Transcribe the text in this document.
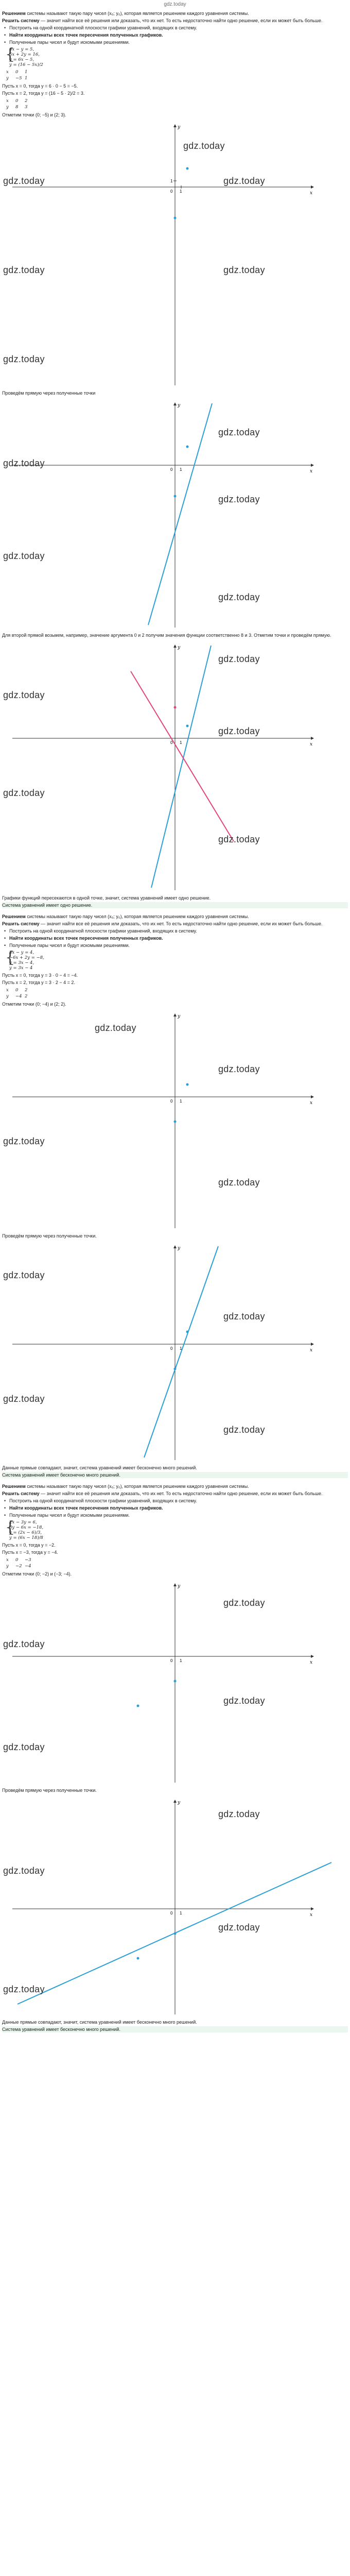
gdz.today

Решением системы называют такую пару чисел (x₀; y₀), которая является решением каждого уравнения системы.

Решить систему — значит найти все её решения или доказать, что их нет. То есть недостаточно найти одно решение, если их может быть больше.

• Построить на одной координатной плоскости графики уравнений, входящих в систему.
• Найти координаты всех точек пересечения полученных графиков.
• Полученные пары чисел и будут искомыми решениями.
{
6x − y = 5,
5x + 2y = 16,
y = 6x − 5,
y = (16 − 5x)/2
x	0	1
y	−5 1

Пусть x = 0, тогда y = 6 · 0 − 5 = −5.

Пусть x = 2, тогда y = (16 − 5 · 2)/2 = 3.

x	0	2
y	8	3

Отметим точки (0; −5) и (2; 3).

y
x
0 1
1
gdz.today
gdz.today	gdz.today
gdz.today	gdz.today
gdz.today

Проведём прямую через полученные точки

y
x
0 1
gdz.today
gdz.today
gdz.today
gdz.today
gdz.today

Для второй прямой возьмем, например, значение аргумента 0 и 2 получим значения функции соответственно 8 и 3. Отметим точки и проведём прямую.

y
x
0 1
gdz.today
gdz.today
gdz.today
gdz.today
gdz.today

Графики функций пересекаются в одной точке, значит, система уравнений имеет одно решение.

Система уравнений имеет одно решение.

Решением системы называют такую пару чисел (x₀; y₀), которая является решением каждого уравнения системы.

Решить систему — значит найти все её решения или доказать, что их нет. То есть недостаточно найти одно решение, если их может быть больше.

• Построить на одной координатной плоскости графики уравнений, входящих в систему.
• Найти координаты всех точек пересечения полученных графиков.
• Полученные пары чисел и будут искомыми решениями.
{
3x − y = 4,
−6x + 2y = −8,
y = 3x − 4,
y = 3x − 4

Пусть x = 0, тогда y = 3 · 0 − 4 = −4.

Пусть x = 2, тогда y = 3 · 2 − 4 = 2.

x	0	2
y	−4 2

Отметим точки (0; −4) и (2; 2).

y
x
0 1
gdz.today
gdz.today
gdz.today
gdz.today

Проведём прямую через полученные точки.

y
x
0 1
gdz.today
gdz.today
gdz.today
gdz.today

Данные прямые совпадают, значит, система уравнений имеет бесконечно много решений.

Система уравнений имеет бесконечно много решений.

Решением системы называют такую пару чисел (x₀; y₀), которая является решением каждого уравнения системы.

Решить систему — значит найти все её решения или доказать, что их нет. То есть недостаточно найти одно решение, если их может быть больше.

• Построить на одной координатной плоскости графики уравнений, входящих в систему.
• Найти координаты всех точек пересечения полученных графиков.
• Полученные пары чисел и будут искомыми решениями.
{
2x − 3y = 6,
8y − 6x = −18,
y = (2x − 6)/3,
y = (6x − 18)/8

Пусть x = 0, тогда y = −2.

Пусть x = −3, тогда y = −4.

x	0	−3
y	−2 −4

Отметим точки (0; −2) и (−3; −4).

y
x
0 1
gdz.today
gdz.today
gdz.today
gdz.today

Проведём прямую через полученные точки.

y
x
0 1
gdz.today
gdz.today
gdz.today
gdz.today

Данные прямые совпадают, значит, система уравнений имеет бесконечно много решений.

Система уравнений имеет бесконечно много решений.
